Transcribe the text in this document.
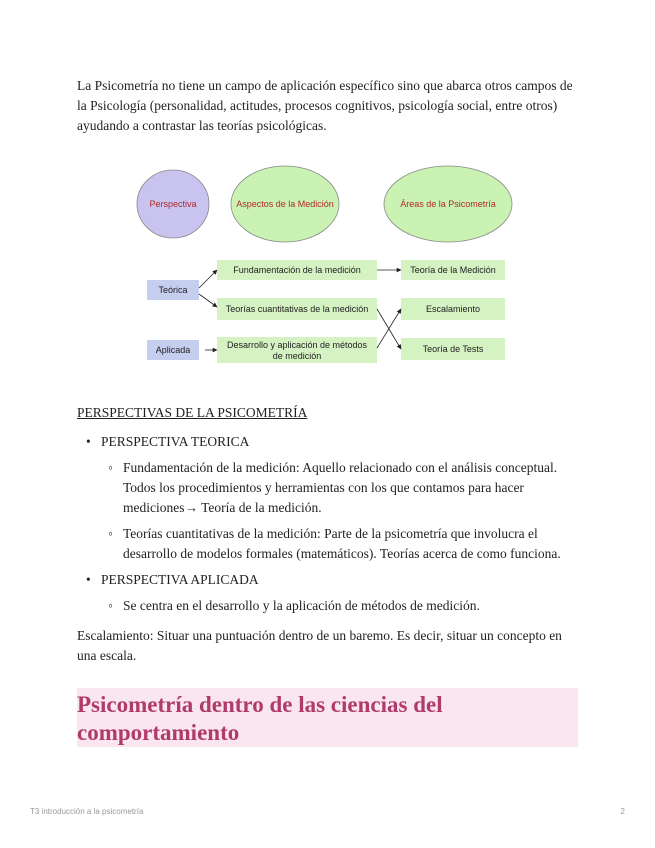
La Psicometría no tiene un campo de aplicación específico sino que abarca otros campos de la Psicología (personalidad, actitudes, procesos cognitivos, psicología social, entre otros) ayudando a contrastar las teorías psicológicas.

Perspectiva	Aspectos de la Medición	Áreas de la Psicometría
Teórica
Aplicada
Fundamentación de la medición
Teorías cuantitativas de la medición
Desarrollo y aplicación de métodos
de medición
Teoría de la Medición
Escalamiento
Teoría de Tests

PERSPECTIVAS DE LA PSICOMETRÍA

• PERSPECTIVA TEORICA
◦ Fundamentación de la medición: Aquello relacionado con el análisis conceptual. Todos los procedimientos y herramientas con los que contamos para hacer mediciones→ Teoría de la medición.
◦ Teorías cuantitativas de la medición: Parte de la psicometría que involucra el desarrollo de modelos formales (matemáticos). Teorías acerca de como funciona.
• PERSPECTIVA APLICADA
◦ Se centra en el desarrollo y la aplicación de métodos de medición.

Escalamiento: Situar una puntuación dentro de un baremo. Es decir, situar un concepto en una escala.

Psicometría dentro de las ciencias del comportamiento
T3 introducción a la psicometría	2
